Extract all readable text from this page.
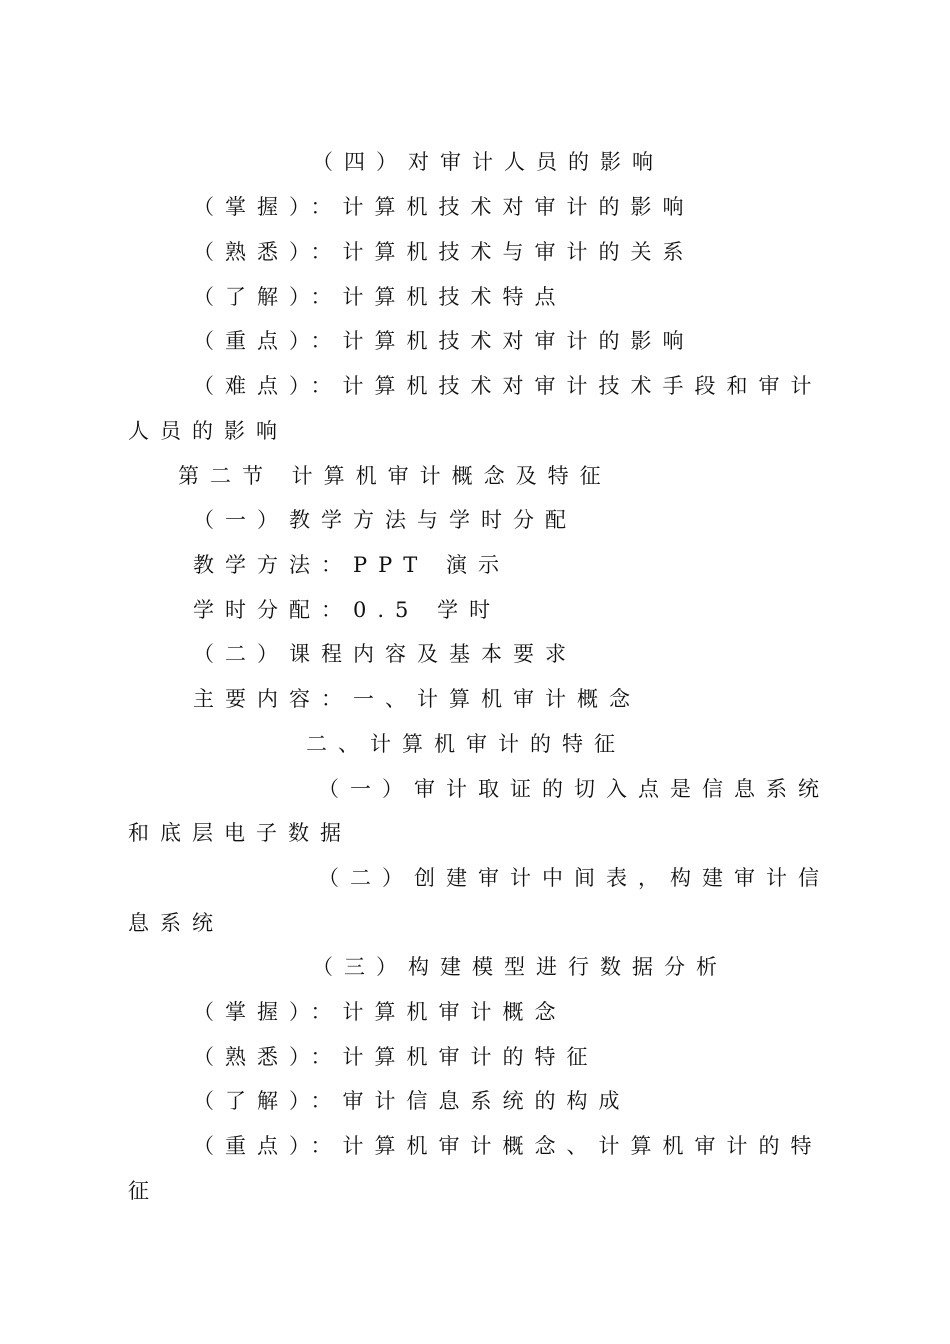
（四）对审计人员的影响
（掌握）：计算机技术对审计的影响
（熟悉）：计算机技术与审计的关系
（了解）：计算机技术特点
（重点）：计算机技术对审计的影响
（难点）：计算机技术对审计技术手段和审计
人员的影响
第二节 计算机审计概念及特征
（一）教学方法与学时分配
教学方法：PPT 演示
学时分配：0.5 学时
（二）课程内容及基本要求
主要内容：一、计算机审计概念
二、计算机审计的特征
（一）审计取证的切入点是信息系统
和底层电子数据
（二）创建审计中间表，构建审计信
息系统
（三）构建模型进行数据分析
（掌握）：计算机审计概念
（熟悉）：计算机审计的特征
（了解）：审计信息系统的构成
（重点）：计算机审计概念、计算机审计的特
征
